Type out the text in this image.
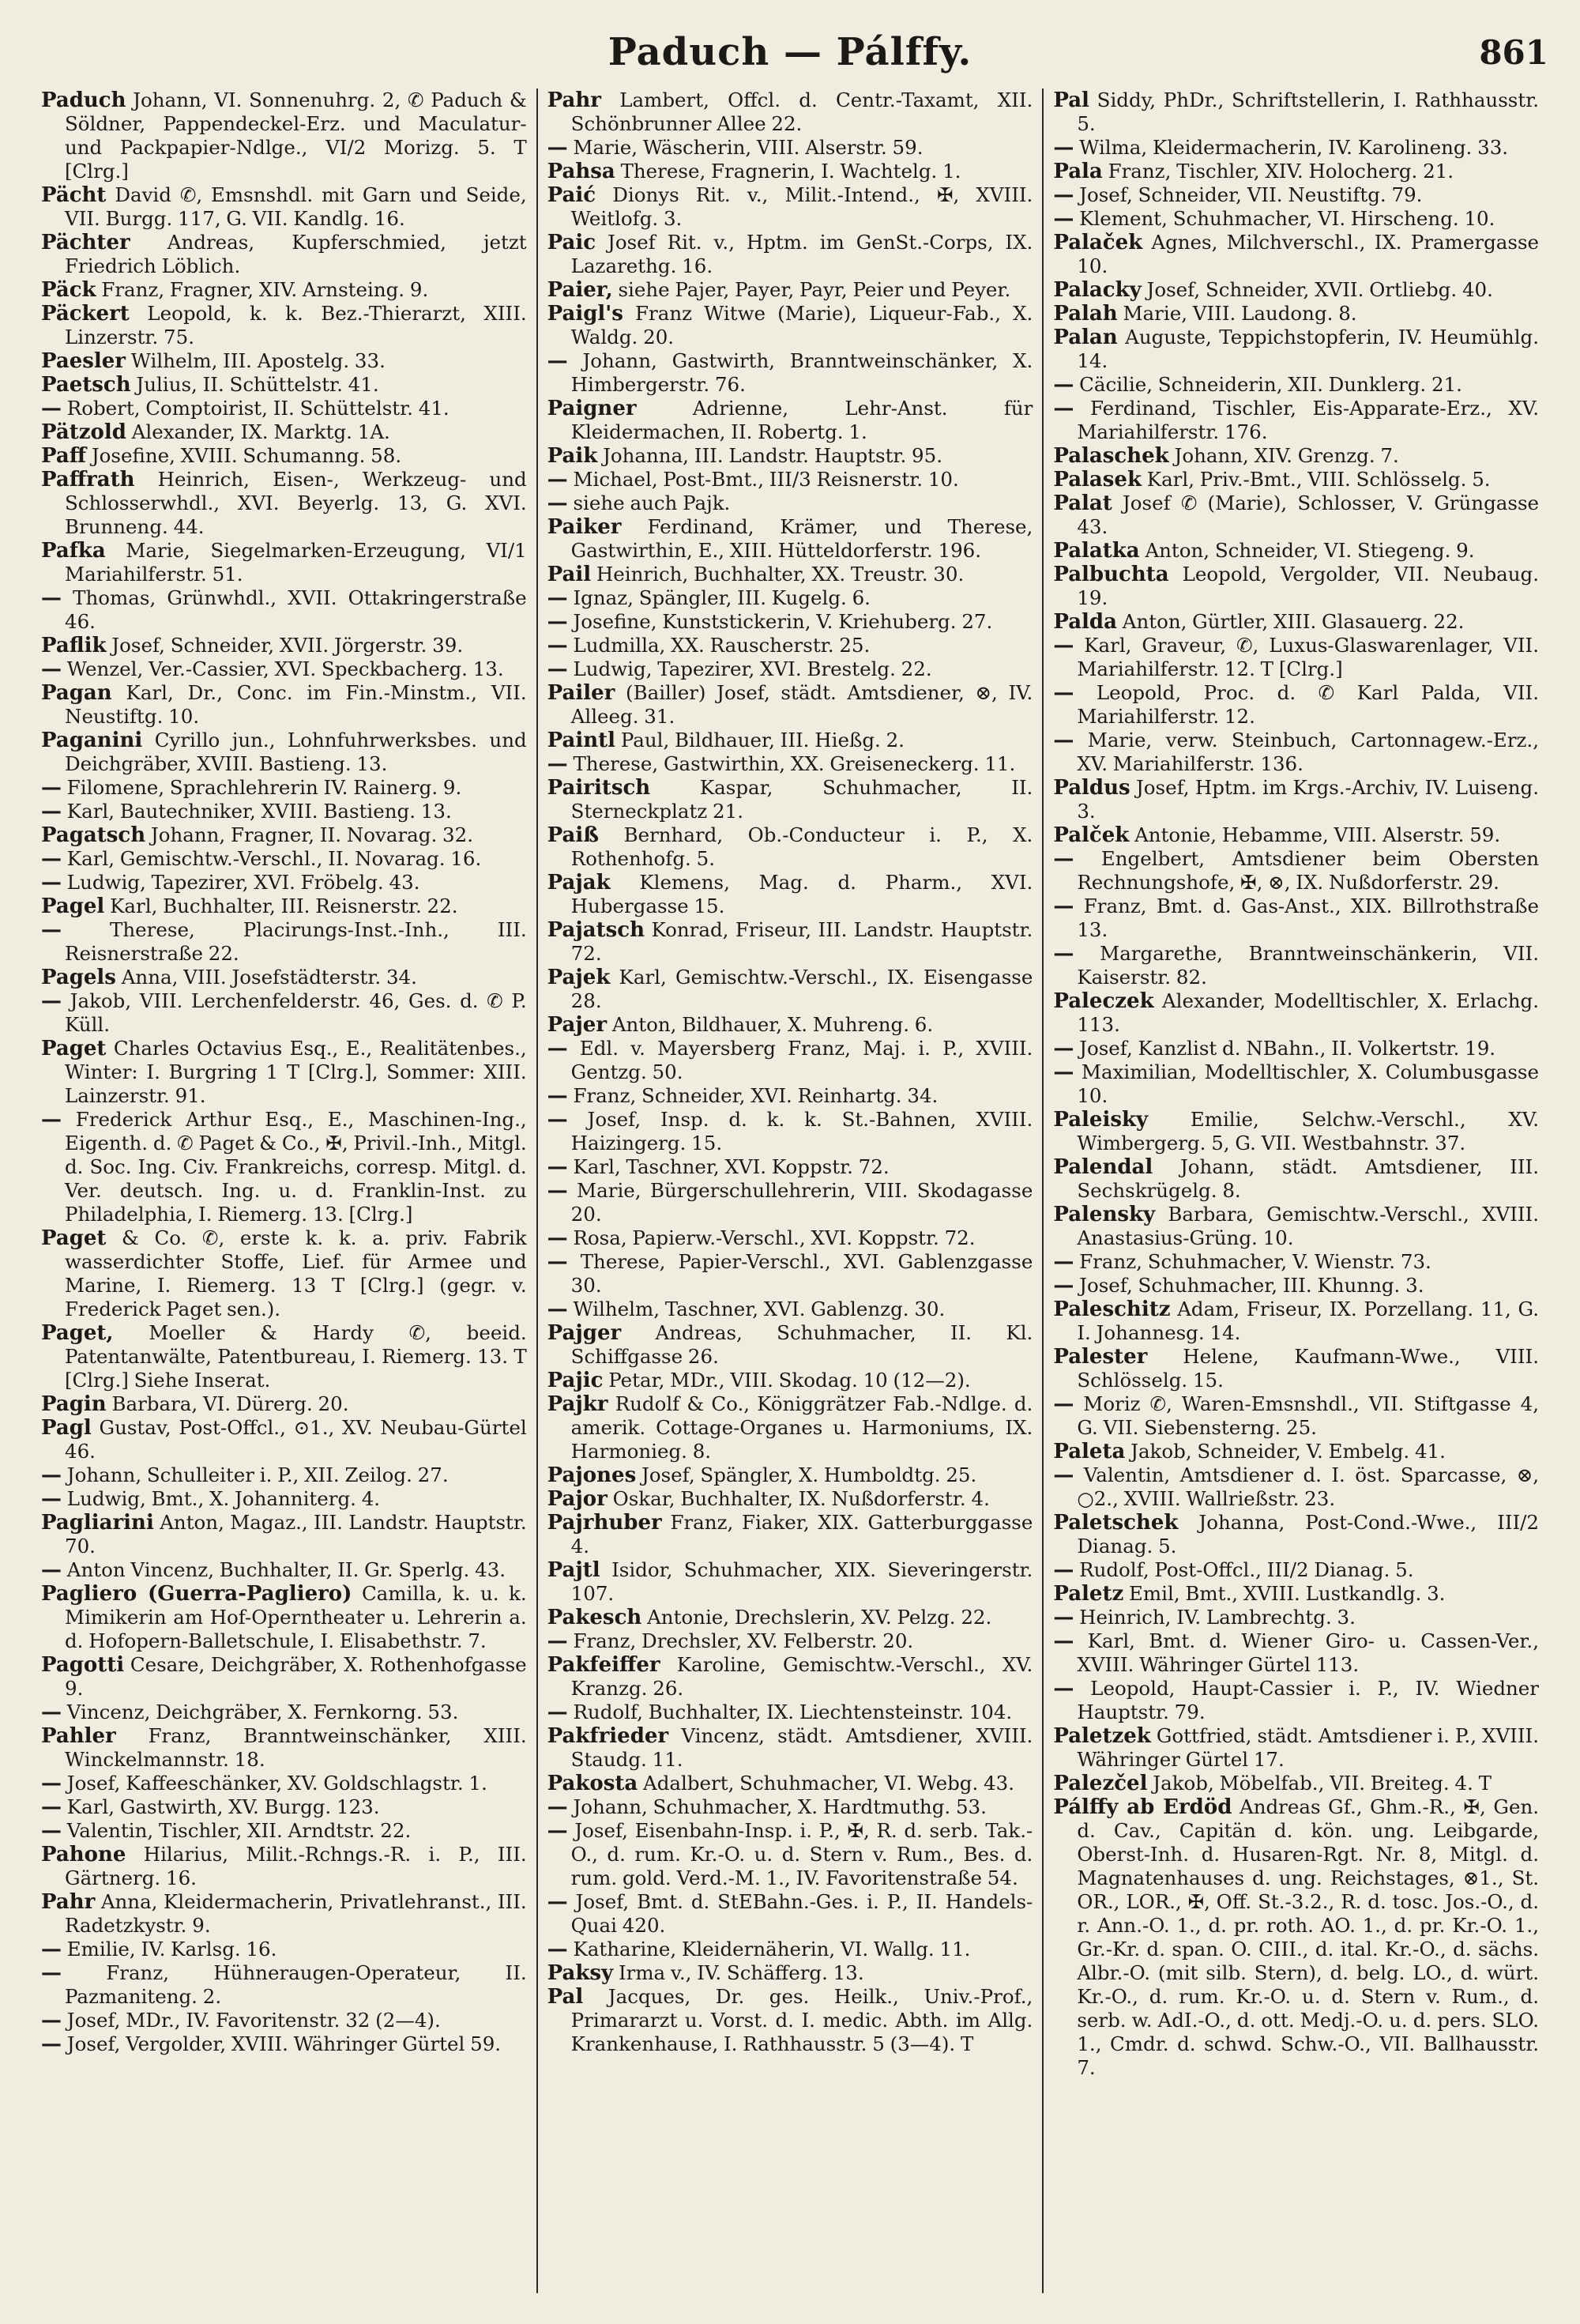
Paduch — Pálffy.	861
Paduch Johann, VI. Sonnenuhrg. 2, ✆ Paduch & Söldner, Pappendeckel-Erz. und Maculatur- und Packpapier-Ndlge., VI/2 Morizg. 5. T [Clrg.]
Pächt David ✆, Emsnshdl. mit Garn und Seide, VII. Burgg. 117, G. VII. Kandlg. 16.
Pächter Andreas, Kupferschmied, jetzt Friedrich Löblich.
Päck Franz, Fragner, XIV. Arnsteing. 9.
Päckert Leopold, k. k. Bez.-Thierarzt, XIII. Linzerstr. 75.
Paesler Wilhelm, III. Apostelg. 33.
Paetsch Julius, II. Schüttelstr. 41.
— Robert, Comptoirist, II. Schüttelstr. 41.
Pätzold Alexander, IX. Marktg. 1A.
Paff Josefine, XVIII. Schumanng. 58.
Paffrath Heinrich, Eisen-, Werkzeug- und Schlosserwhdl., XVI. Beyerlg. 13, G. XVI. Brunneng. 44.
Pafka Marie, Siegelmarken-Erzeugung, VI/1 Mariahilferstr. 51.
— Thomas, Grünwhdl., XVII. Ottakringerstraße 46.
Paflik Josef, Schneider, XVII. Jörgerstr. 39.
— Wenzel, Ver.-Cassier, XVI. Speckbacherg. 13.
Pagan Karl, Dr., Conc. im Fin.-Minstm., VII. Neustiftg. 10.
Paganini Cyrillo jun., Lohnfuhrwerksbes. und Deichgräber, XVIII. Bastieng. 13.
— Filomene, Sprachlehrerin IV. Rainerg. 9.
— Karl, Bautechniker, XVIII. Bastieng. 13.
Pagatsch Johann, Fragner, II. Novarag. 32.
— Karl, Gemischtw.-Verschl., II. Novarag. 16.
— Ludwig, Tapezirer, XVI. Fröbelg. 43.
Pagel Karl, Buchhalter, III. Reisnerstr. 22.
— Therese, Placirungs-Inst.-Inh., III. Reisnerstraße 22.
Pagels Anna, VIII. Josefstädterstr. 34.
— Jakob, VIII. Lerchenfelderstr. 46, Ges. d. ✆ P. Küll.
Paget Charles Octavius Esq., E., Realitätenbes., Winter: I. Burgring 1 T [Clrg.], Sommer: XIII. Lainzerstr. 91.
— Frederick Arthur Esq., E., Maschinen-Ing., Eigenth. d. ✆ Paget & Co., ✠, Privil.-Inh., Mitgl. d. Soc. Ing. Civ. Frankreichs, corresp. Mitgl. d. Ver. deutsch. Ing. u. d. Franklin-Inst. zu Philadelphia, I. Riemerg. 13. [Clrg.]
Paget & Co. ✆, erste k. k. a. priv. Fabrik wasserdichter Stoffe, Lief. für Armee und Marine, I. Riemerg. 13 T [Clrg.] (gegr. v. Frederick Paget sen.).
Paget, Moeller & Hardy ✆, beeid. Patentanwälte, Patentbureau, I. Riemerg. 13. T [Clrg.] Siehe Inserat.
Pagin Barbara, VI. Dürerg. 20.
Pagl Gustav, Post-Offcl., ⊙1., XV. Neubau-Gürtel 46.
— Johann, Schulleiter i. P., XII. Zeilog. 27.
— Ludwig, Bmt., X. Johanniterg. 4.
Pagliarini Anton, Magaz., III. Landstr. Hauptstr. 70.
— Anton Vincenz, Buchhalter, II. Gr. Sperlg. 43.
Pagliero (Guerra-Pagliero) Camilla, k. u. k. Mimikerin am Hof-Operntheater u. Lehrerin a. d. Hofopern-Balletschule, I. Elisabethstr. 7.
Pagotti Cesare, Deichgräber, X. Rothenhofgasse 9.
— Vincenz, Deichgräber, X. Fernkorng. 53.
Pahler Franz, Branntweinschänker, XIII. Winckelmannstr. 18.
— Josef, Kaffeeschänker, XV. Goldschlagstr. 1.
— Karl, Gastwirth, XV. Burgg. 123.
— Valentin, Tischler, XII. Arndtstr. 22.
Pahone Hilarius, Milit.-Rchngs.-R. i. P., III. Gärtnerg. 16.
Pahr Anna, Kleidermacherin, Privatlehranst., III. Radetzkystr. 9.
— Emilie, IV. Karlsg. 16.
— Franz, Hühneraugen-Operateur, II. Pazmaniteng. 2.
— Josef, MDr., IV. Favoritenstr. 32 (2—4).
— Josef, Vergolder, XVIII. Währinger Gürtel 59.
Pahr Lambert, Offcl. d. Centr.-Taxamt, XII. Schönbrunner Allee 22.
— Marie, Wäscherin, VIII. Alserstr. 59.
Pahsa Therese, Fragnerin, I. Wachtelg. 1.
Paić Dionys Rit. v., Milit.-Intend., ✠, XVIII. Weitlofg. 3.
Paic Josef Rit. v., Hptm. im GenSt.-Corps, IX. Lazarethg. 16.
Paier, siehe Pajer, Payer, Payr, Peier und Peyer.
Paigl's Franz Witwe (Marie), Liqueur-Fab., X. Waldg. 20.
— Johann, Gastwirth, Branntweinschänker, X. Himbergerstr. 76.
Paigner	Adrienne, Lehr-Anst. für Kleidermachen, II. Robertg. 1.
Paik Johanna, III. Landstr. Hauptstr. 95.
— Michael, Post-Bmt., III/3 Reisnerstr. 10.
— siehe auch Pajk.
Paiker Ferdinand, Krämer, und Therese, Gastwirthin, E., XIII. Hütteldorferstr. 196.
Pail Heinrich, Buchhalter, XX. Treustr. 30.
— Ignaz, Spängler, III. Kugelg. 6.
— Josefine, Kunststickerin, V. Kriehuberg. 27.
— Ludmilla, XX. Rauscherstr. 25.
— Ludwig, Tapezirer, XVI. Brestelg. 22.
Pailer (Bailler) Josef, städt. Amtsdiener, ⊗, IV. Alleeg. 31.
Paintl Paul, Bildhauer, III. Hießg. 2.
— Therese, Gastwirthin, XX. Greiseneckerg. 11.
Pairitsch	Kaspar, Schuhmacher, II. Sterneckplatz 21.
Paiß Bernhard, Ob.-Conducteur i. P., X. Rothenhofg. 5.
Pajak Klemens, Mag. d. Pharm., XVI. Hubergasse 15.
Pajatsch Konrad, Friseur, III. Landstr. Hauptstr. 72.
Pajek Karl, Gemischtw.-Verschl., IX. Eisengasse 28.
Pajer Anton, Bildhauer, X. Muhreng. 6.
— Edl. v. Mayersberg Franz, Maj. i. P., XVIII. Gentzg. 50.
— Franz, Schneider, XVI. Reinhartg. 34.
— Josef, Insp. d. k. k. St.-Bahnen, XVIII. Haizingerg. 15.
— Karl, Taschner, XVI. Koppstr. 72.
— Marie, Bürgerschullehrerin, VIII. Skodagasse 20.
— Rosa, Papierw.-Verschl., XVI. Koppstr. 72.
— Therese, Papier-Verschl., XVI. Gablenzgasse 30.
— Wilhelm, Taschner, XVI. Gablenzg. 30.
Pajger Andreas, Schuhmacher, II. Kl. Schiffgasse 26.
Pajic Petar, MDr., VIII. Skodag. 10 (12—2).
Pajkr Rudolf & Co., Königgrätzer Fab.-Ndlge. d. amerik. Cottage-Organes u. Harmoniums, IX. Harmonieg. 8.
Pajones Josef, Spängler, X. Humboldtg. 25.
Pajor Oskar, Buchhalter, IX. Nußdorferstr. 4.
Pajrhuber Franz, Fiaker, XIX. Gatterburggasse 4.
Pajtl Isidor, Schuhmacher, XIX. Sieveringerstr. 107.
Pakesch Antonie, Drechslerin, XV. Pelzg. 22.
— Franz, Drechsler, XV. Felberstr. 20.
Pakfeiffer Karoline, Gemischtw.-Verschl., XV. Kranzg. 26.
— Rudolf, Buchhalter, IX. Liechtensteinstr. 104.
Pakfrieder Vincenz, städt. Amtsdiener, XVIII. Staudg. 11.
Pakosta Adalbert, Schuhmacher, VI. Webg. 43.
— Johann, Schuhmacher, X. Hardtmuthg. 53.
— Josef, Eisenbahn-Insp. i. P., ✠, R. d. serb. Tak.-O., d. rum. Kr.-O. u. d. Stern v. Rum., Bes. d. rum. gold. Verd.-M. 1., IV. Favoritenstraße 54.
— Josef, Bmt. d. StEBahn.-Ges. i. P., II. Handels-Quai 420.
— Katharine, Kleidernäherin, VI. Wallg. 11.
Paksy Irma v., IV. Schäfferg. 13.
Pal Jacques, Dr. ges. Heilk., Univ.-Prof., Primararzt u. Vorst. d. I. medic. Abth. im Allg. Krankenhause, I. Rathhausstr. 5 (3—4). T
Pal Siddy, PhDr., Schriftstellerin, I. Rathhausstr. 5.
— Wilma, Kleidermacherin, IV. Karolineng. 33.
Pala Franz, Tischler, XIV. Holocherg. 21.
— Josef, Schneider, VII. Neustiftg. 79.
— Klement, Schuhmacher, VI. Hirscheng. 10.
Palaček Agnes, Milchverschl., IX. Pramergasse 10.
Palacky Josef, Schneider, XVII. Ortliebg. 40.
Palah Marie, VIII. Laudong. 8.
Palan Auguste, Teppichstopferin, IV. Heumühlg. 14.
— Cäcilie, Schneiderin, XII. Dunklerg. 21.
— Ferdinand, Tischler, Eis-Apparate-Erz., XV. Mariahilferstr. 176.
Palaschek Johann, XIV. Grenzg. 7.
Palasek Karl, Priv.-Bmt., VIII. Schlösselg. 5.
Palat Josef ✆ (Marie), Schlosser, V. Grüngasse 43.
Palatka Anton, Schneider, VI. Stiegeng. 9.
Palbuchta Leopold, Vergolder, VII. Neubaug. 19.
Palda Anton, Gürtler, XIII. Glasauerg. 22.
— Karl, Graveur, ✆, Luxus-Glaswarenlager, VII. Mariahilferstr. 12. T [Clrg.]
— Leopold, Proc. d. ✆ Karl Palda, VII. Mariahilferstr. 12.
— Marie, verw. Steinbuch, Cartonnagew.-Erz., XV. Mariahilferstr. 136.
Paldus Josef, Hptm. im Krgs.-Archiv, IV. Luiseng. 3.
Palček Antonie, Hebamme, VIII. Alserstr. 59.
— Engelbert, Amtsdiener beim Obersten Rechnungshofe, ✠, ⊗, IX. Nußdorferstr. 29.
— Franz, Bmt. d. Gas-Anst., XIX. Billrothstraße 13.
— Margarethe, Branntweinschänkerin, VII. Kaiserstr. 82.
Paleczek Alexander, Modelltischler, X. Erlachg. 113.
— Josef, Kanzlist d. NBahn., II. Volkertstr. 19.
— Maximilian, Modelltischler, X. Columbusgasse 10.
Paleisky Emilie, Selchw.-Verschl., XV. Wimbergerg. 5, G. VII. Westbahnstr. 37.
Palendal Johann, städt. Amtsdiener, III. Sechskrügelg. 8.
Palensky Barbara, Gemischtw.-Verschl., XVIII. Anastasius-Grüng. 10.
— Franz, Schuhmacher, V. Wienstr. 73.
— Josef, Schuhmacher, III. Khunng. 3.
Paleschitz Adam, Friseur, IX. Porzellang. 11, G. I. Johannesg. 14.
Palester Helene, Kaufmann-Wwe., VIII. Schlösselg. 15.
— Moriz ✆, Waren-Emsnshdl., VII. Stiftgasse 4, G. VII. Siebensterng. 25.
Paleta Jakob, Schneider, V. Embelg. 41.
— Valentin, Amtsdiener d. I. öst. Sparcasse, ⊗, ○2., XVIII. Wallrießstr. 23.
Paletschek Johanna, Post-Cond.-Wwe., III/2 Dianag. 5.
— Rudolf, Post-Offcl., III/2 Dianag. 5.
Paletz Emil, Bmt., XVIII. Lustkandlg. 3.
— Heinrich, IV. Lambrechtg. 3.
— Karl, Bmt. d. Wiener Giro- u. Cassen-Ver., XVIII. Währinger Gürtel 113.
— Leopold, Haupt-Cassier i. P., IV. Wiedner Hauptstr. 79.
Paletzek Gottfried, städt. Amtsdiener i. P., XVIII. Währinger Gürtel 17.
Palezčel Jakob, Möbelfab., VII. Breiteg. 4. T
Pálffy ab Erdöd Andreas Gf., Ghm.-R., ✠, Gen. d. Cav., Capitän d. kön. ung. Leibgarde, Oberst-Inh. d. Husaren-Rgt. Nr. 8, Mitgl. d. Magnatenhauses d. ung. Reichstages, ⊗1., St. OR., LOR., ✠, Off. St.-3.2., R. d. tosc. Jos.-O., d. r. Ann.-O. 1., d. pr. roth. AO. 1., d. pr. Kr.-O. 1., Gr.-Kr. d. span. O. CIII., d. ital. Kr.-O., d. sächs. Albr.-O. (mit silb. Stern), d. belg. LO., d. würt. Kr.-O., d. rum. Kr.-O. u. d. Stern v. Rum., d. serb. w. AdI.-O., d. ott. Medj.-O. u. d. pers. SLO. 1., Cmdr. d. schwd. Schw.-O., VII. Ballhausstr. 7.
